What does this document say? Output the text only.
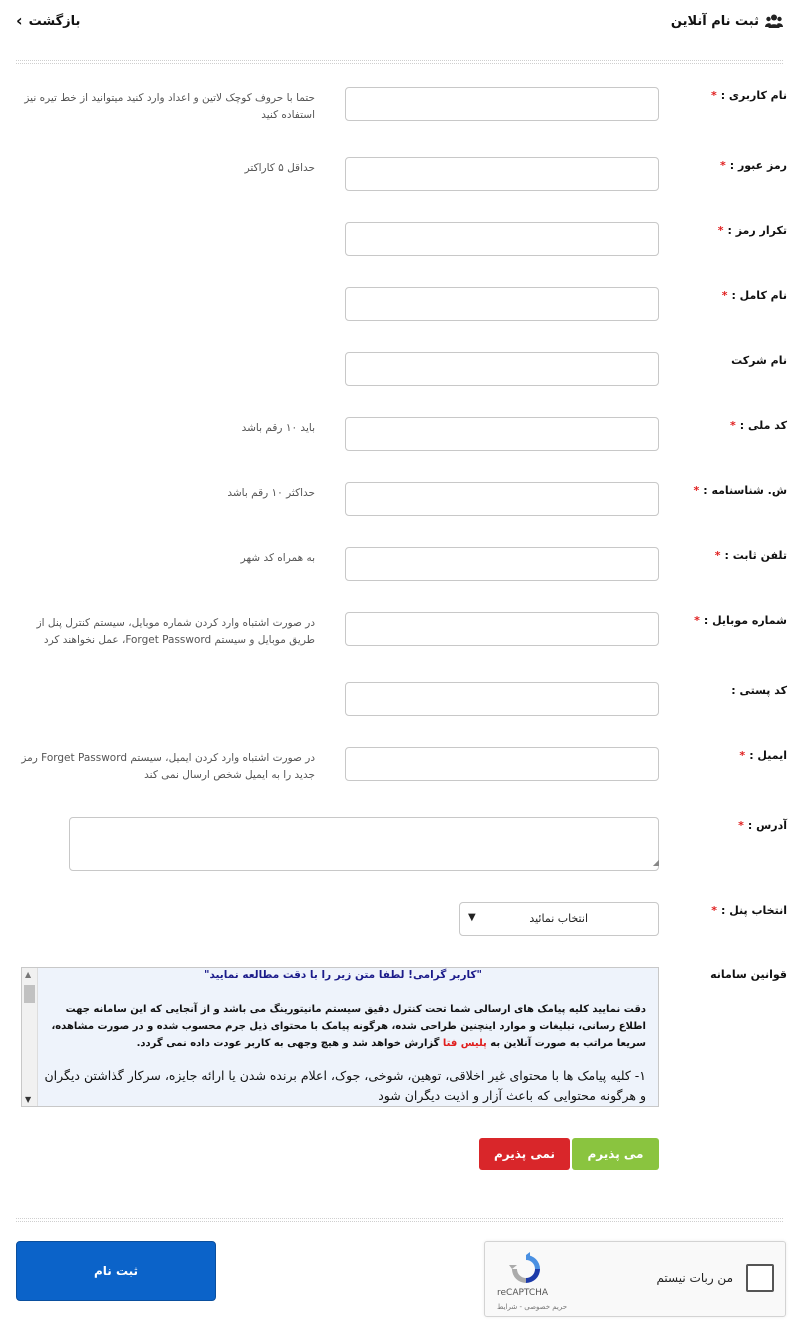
ثبت نام آنلاین
‹ بازگشت
نام کاربری :*
حتما با حروف کوچک لاتین و اعداد وارد کنید میتوانید از خط تیره نیز استفاده کنید
رمز عبور :*
حداقل ۵ کاراکتر
تکرار رمز :*
نام کامل :*
نام شرکت
کد ملی :*
باید ۱۰ رقم باشد
ش. شناسنامه :*
حداکثر ۱۰ رقم باشد
تلفن ثابت :*
به همراه کد شهر
شماره موبایل :*
در صورت اشتباه وارد کردن شماره موبایل، سیستم کنترل پنل از طریق موبایل و سیستم Forget Password، عمل نخواهند کرد
کد پستی :
ایمیل :*
در صورت اشتباه وارد کردن ایمیل، سیستم Forget Password رمز جدید را به ایمیل شخص ارسال نمی کند
آدرس :*
◢
انتخاب پنل :*
انتخاب نمائید
▼
قوانین سامانه
"کاربر گرامی! لطفا متن زیر را با دقت مطالعه نمایید"
دقت نمایید کلیه پیامک های ارسالی شما تحت کنترل دقیق سیستم مانیتورینگ می باشد و از آنجایی که این سامانه جهت اطلاع رسانی، تبلیغات و موارد اینچنین طراحی شده، هرگونه پیامک با محتوای ذیل جرم محسوب شده و در صورت مشاهده، سریعا مراتب به صورت آنلاین به پلیس فتا گزارش خواهد شد و هیچ وجهی به کاربر عودت داده نمی گردد.
۱- کلیه پیامک ها با محتوای غیر اخلاقی، توهین، شوخی، جوک، اعلام برنده شدن یا ارائه جایزه، سرکار گذاشتن دیگران و هرگونه محتوایی که باعث آزار و اذیت دیگران شود
▲
▼
می پذیرم
نمی پذیرم
ثبت نام	من ربات نیستم
reCAPTCHA
حریم خصوصی - شرایط
